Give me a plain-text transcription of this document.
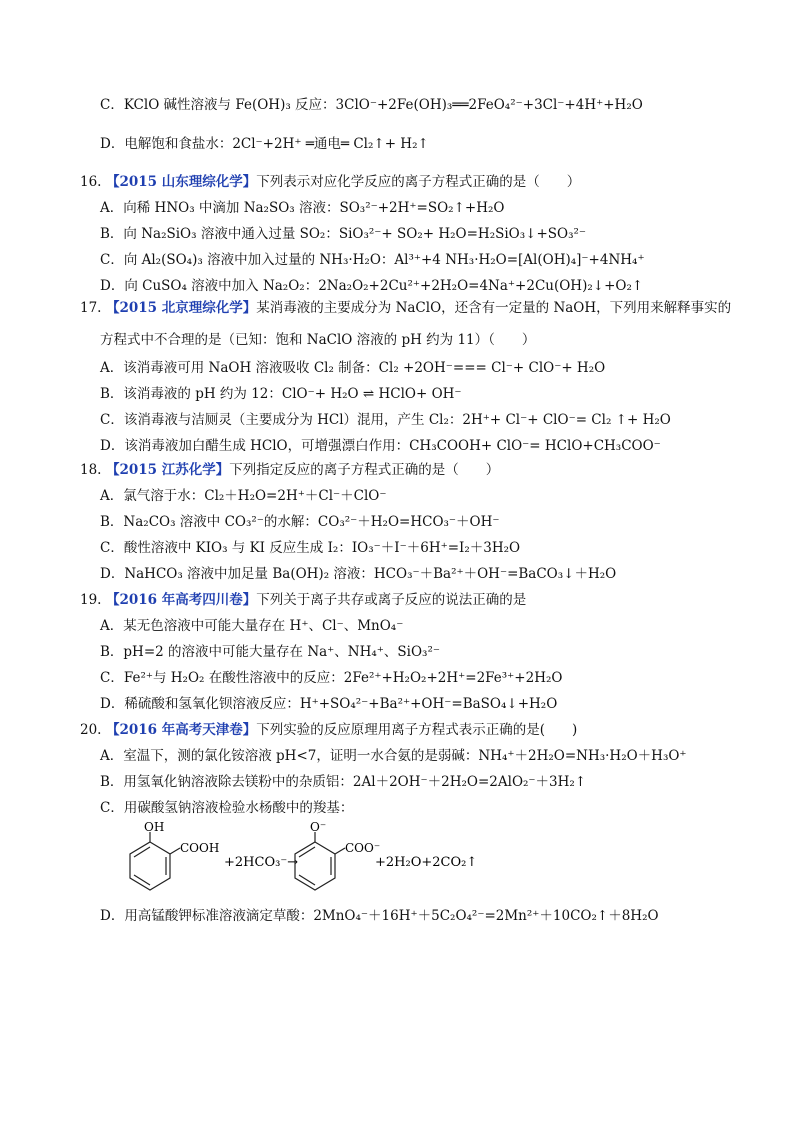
C．KClO 碱性溶液与 Fe(OH)₃ 反应：3ClO⁻+2Fe(OH)₃══2FeO₄²⁻+3Cl⁻+4H⁺+H₂O
D．电解饱和食盐水：2Cl⁻+2H⁺ ═通电═ Cl₂↑+ H₂↑
16. 【2015 山东理综化学】下列表示对应化学反应的离子方程式正确的是（　　）
A．向稀 HNO₃ 中滴加 Na₂SO₃ 溶液：SO₃²⁻+2H⁺=SO₂↑+H₂O
B．向 Na₂SiO₃ 溶液中通入过量 SO₂：SiO₃²⁻+ SO₂+ H₂O=H₂SiO₃↓+SO₃²⁻
C．向 Al₂(SO₄)₃ 溶液中加入过量的 NH₃·H₂O：Al³⁺+4 NH₃·H₂O=[Al(OH)₄]⁻+4NH₄⁺
D．向 CuSO₄ 溶液中加入 Na₂O₂：2Na₂O₂+2Cu²⁺+2H₂O=4Na⁺+2Cu(OH)₂↓+O₂↑
17. 【2015 北京理综化学】某消毒液的主要成分为 NaClO，还含有一定量的 NaOH，下列用来解释事实的
方程式中不合理的是（已知：饱和 NaClO 溶液的 pH 约为 11）（　　）
A．该消毒液可用 NaOH 溶液吸收 Cl₂ 制备：Cl₂ +2OH⁻=== Cl⁻+ ClO⁻+ H₂O
B．该消毒液的 pH 约为 12：ClO⁻+ H₂O ⇌ HClO+ OH⁻
C．该消毒液与洁厕灵（主要成分为 HCl）混用，产生 Cl₂：2H⁺+ Cl⁻+ ClO⁻= Cl₂ ↑+ H₂O
D．该消毒液加白醋生成 HClO，可增强漂白作用：CH₃COOH+ ClO⁻= HClO+CH₃COO⁻
18. 【2015 江苏化学】下列指定反应的离子方程式正确的是（　　）
A．氯气溶于水：Cl₂＋H₂O=2H⁺＋Cl⁻＋ClO⁻
B．Na₂CO₃ 溶液中 CO₃²⁻的水解：CO₃²⁻＋H₂O=HCO₃⁻＋OH⁻
C．酸性溶液中 KIO₃ 与 KI 反应生成 I₂：IO₃⁻＋I⁻＋6H⁺=I₂＋3H₂O
D．NaHCO₃ 溶液中加足量 Ba(OH)₂ 溶液：HCO₃⁻＋Ba²⁺＋OH⁻=BaCO₃↓＋H₂O
19. 【2016 年高考四川卷】下列关于离子共存或离子反应的说法正确的是
A．某无色溶液中可能大量存在 H⁺、Cl⁻、MnO₄⁻
B．pH=2 的溶液中可能大量存在 Na⁺、NH₄⁺、SiO₃²⁻
C．Fe²⁺与 H₂O₂ 在酸性溶液中的反应：2Fe²⁺+H₂O₂+2H⁺=2Fe³⁺+2H₂O
D．稀硫酸和氢氧化钡溶液反应：H⁺+SO₄²⁻+Ba²⁺+OH⁻=BaSO₄↓+H₂O
20. 【2016 年高考天津卷】下列实验的反应原理用离子方程式表示正确的是(　　)
A．室温下，测的氯化铵溶液 pH<7，证明一水合氨的是弱碱：NH₄⁺＋2H₂O=NH₃·H₂O＋H₃O⁺
B．用氢氧化钠溶液除去镁粉中的杂质铝：2Al＋2OH⁻＋2H₂O=2AlO₂⁻＋3H₂↑
C．用碳酸氢钠溶液检验水杨酸中的羧基：
OH
COOH
+2HCO₃⁻→
O⁻
COO⁻
+2H₂O+2CO₂↑
D．用高锰酸钾标准溶液滴定草酸：2MnO₄⁻＋16H⁺＋5C₂O₄²⁻=2Mn²⁺＋10CO₂↑＋8H₂O
